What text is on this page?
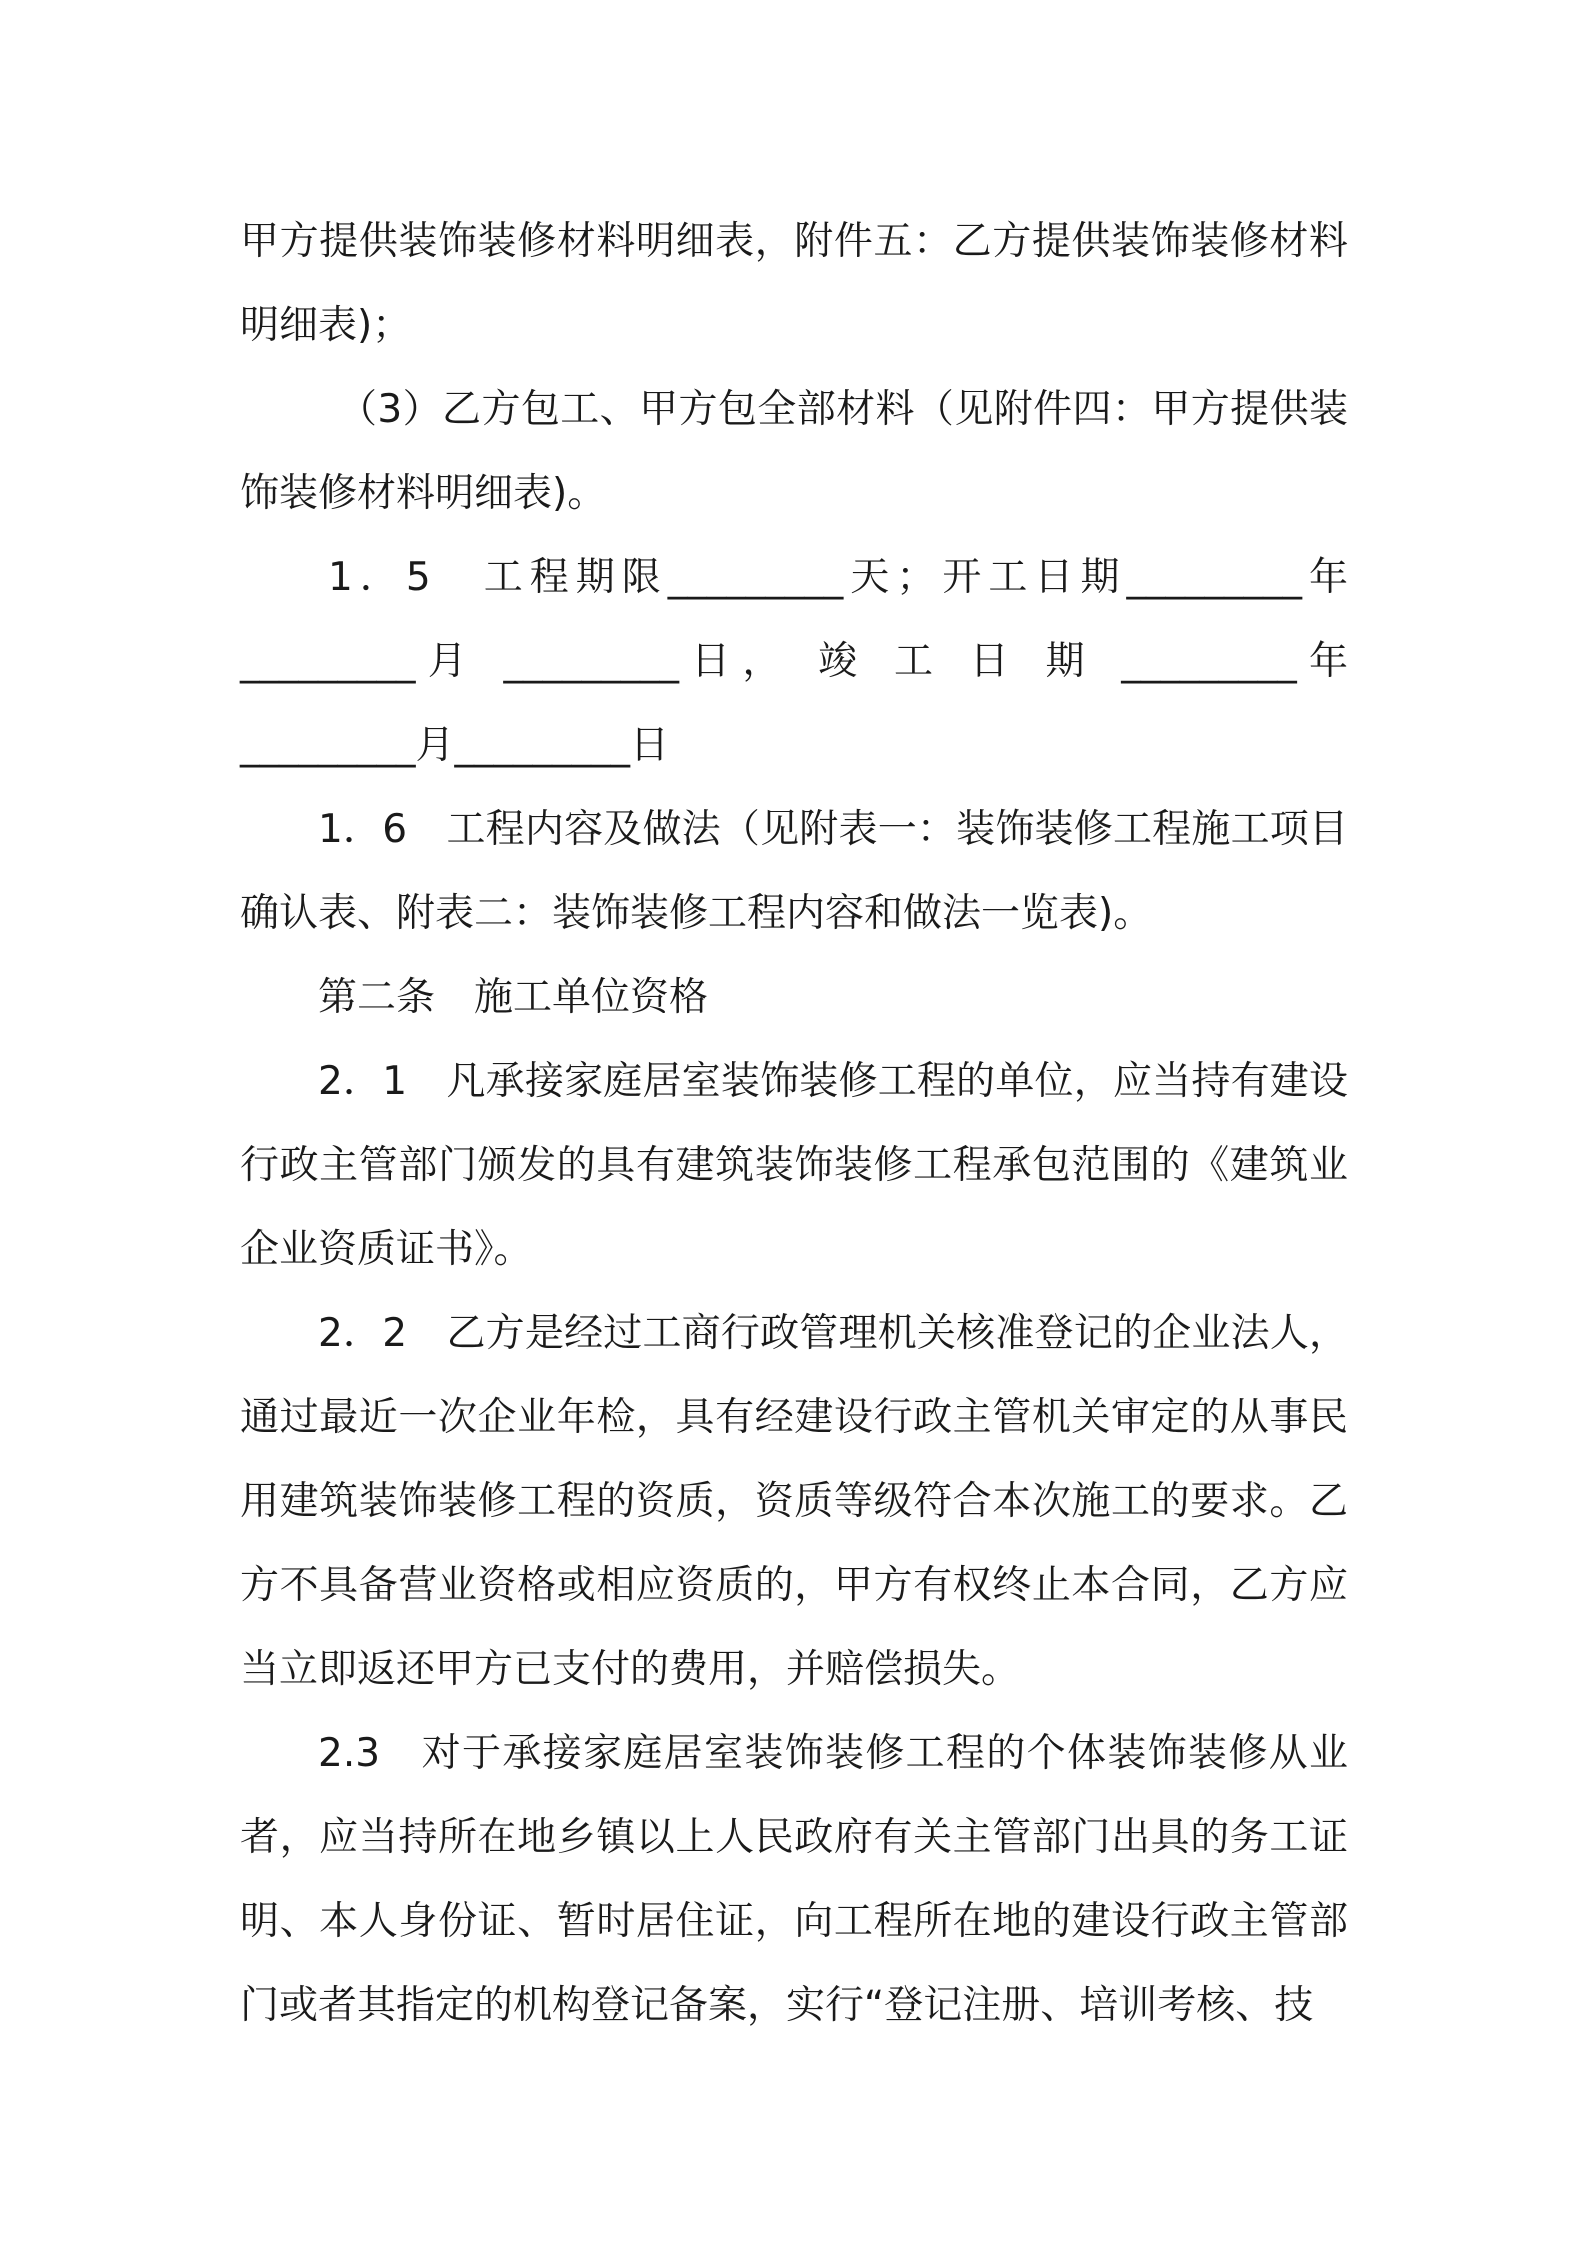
甲方提供装饰装修材料明细表，附件五：乙方提供装饰装修材料明细表)；

（3）乙方包工、甲方包全部材料（见附件四：甲方提供装饰装修材料明细表)。

1．5　工程期限_________天；开工日期_________年

_________月 _________日， 竣 工 日 期 _________年

_________月_________日

1．6　工程内容及做法（见附表一：装饰装修工程施工项目确认表、附表二：装饰装修工程内容和做法一览表)。

第二条　施工单位资格

2．1　凡承接家庭居室装饰装修工程的单位，应当持有建设行政主管部门颁发的具有建筑装饰装修工程承包范围的《建筑业企业资质证书》。

2．2　乙方是经过工商行政管理机关核准登记的企业法人，通过最近一次企业年检，具有经建设行政主管机关审定的从事民用建筑装饰装修工程的资质，资质等级符合本次施工的要求。乙方不具备营业资格或相应资质的，甲方有权终止本合同，乙方应当立即返还甲方已支付的费用，并赔偿损失。

2.3　对于承接家庭居室装饰装修工程的个体装饰装修从业者，应当持所在地乡镇以上人民政府有关主管部门出具的务工证明、本人身份证、暂时居住证，向工程所在地的建设行政主管部门或者其指定的机构登记备案，实行“登记注册、培训考核、技
